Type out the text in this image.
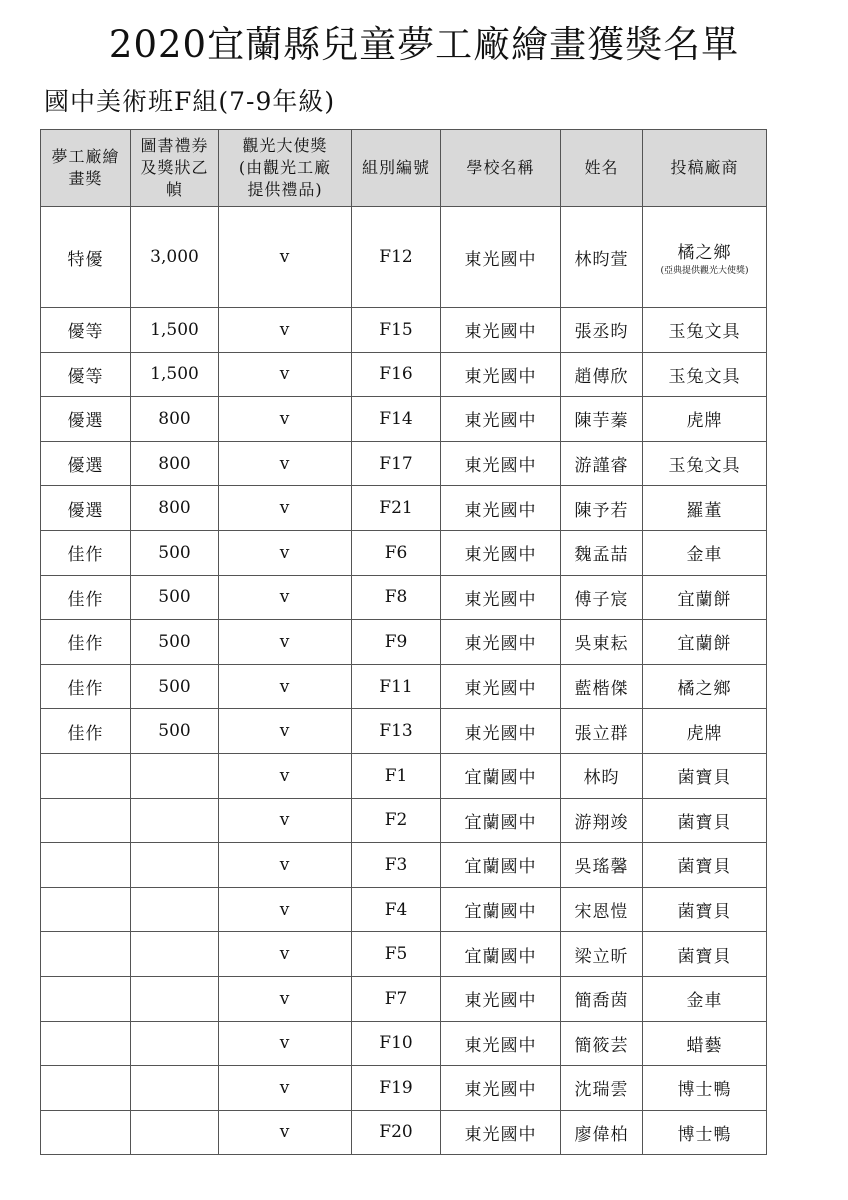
2020宜蘭縣兒童夢工廠繪畫獲獎名單
國中美術班F組(7-9年級)
夢工廠繪
畫獎	圖書禮券
及獎狀乙
幀	觀光大使獎
(由觀光工廠
提供禮品)	組別編號	學校名稱	姓名	投稿廠商

特優	3,000	v	F12	東光國中	林昀萱	橘之鄉
(亞典提供觀光大使獎)

優等	1,500	v	F15	東光國中	張丞昀	玉兔文具
優等	1,500	v	F16	東光國中	趙傳欣	玉兔文具
優選	800	v	F14	東光國中	陳芋蓁	虎牌
優選	800	v	F17	東光國中	游謹睿	玉兔文具
優選	800	v	F21	東光國中	陳予若	羅董
佳作	500	v	F6	東光國中	魏孟喆	金車
佳作	500	v	F8	東光國中	傅子宸	宜蘭餅
佳作	500	v	F9	東光國中	吳東耘	宜蘭餅
佳作	500	v	F11	東光國中	藍楷傑	橘之鄉
佳作	500	v	F13	東光國中	張立群	虎牌
		v	F1	宜蘭國中	林昀	菌寶貝
		v	F2	宜蘭國中	游翔竣	菌寶貝
		v	F3	宜蘭國中	吳瑤馨	菌寶貝
		v	F4	宜蘭國中	宋恩愷	菌寶貝
		v	F5	宜蘭國中	梁立昕	菌寶貝
		v	F7	東光國中	簡喬茵	金車
		v	F10	東光國中	簡筱芸	蜡藝
		v	F19	東光國中	沈瑞雲	博士鴨
		v	F20	東光國中	廖偉柏	博士鴨
